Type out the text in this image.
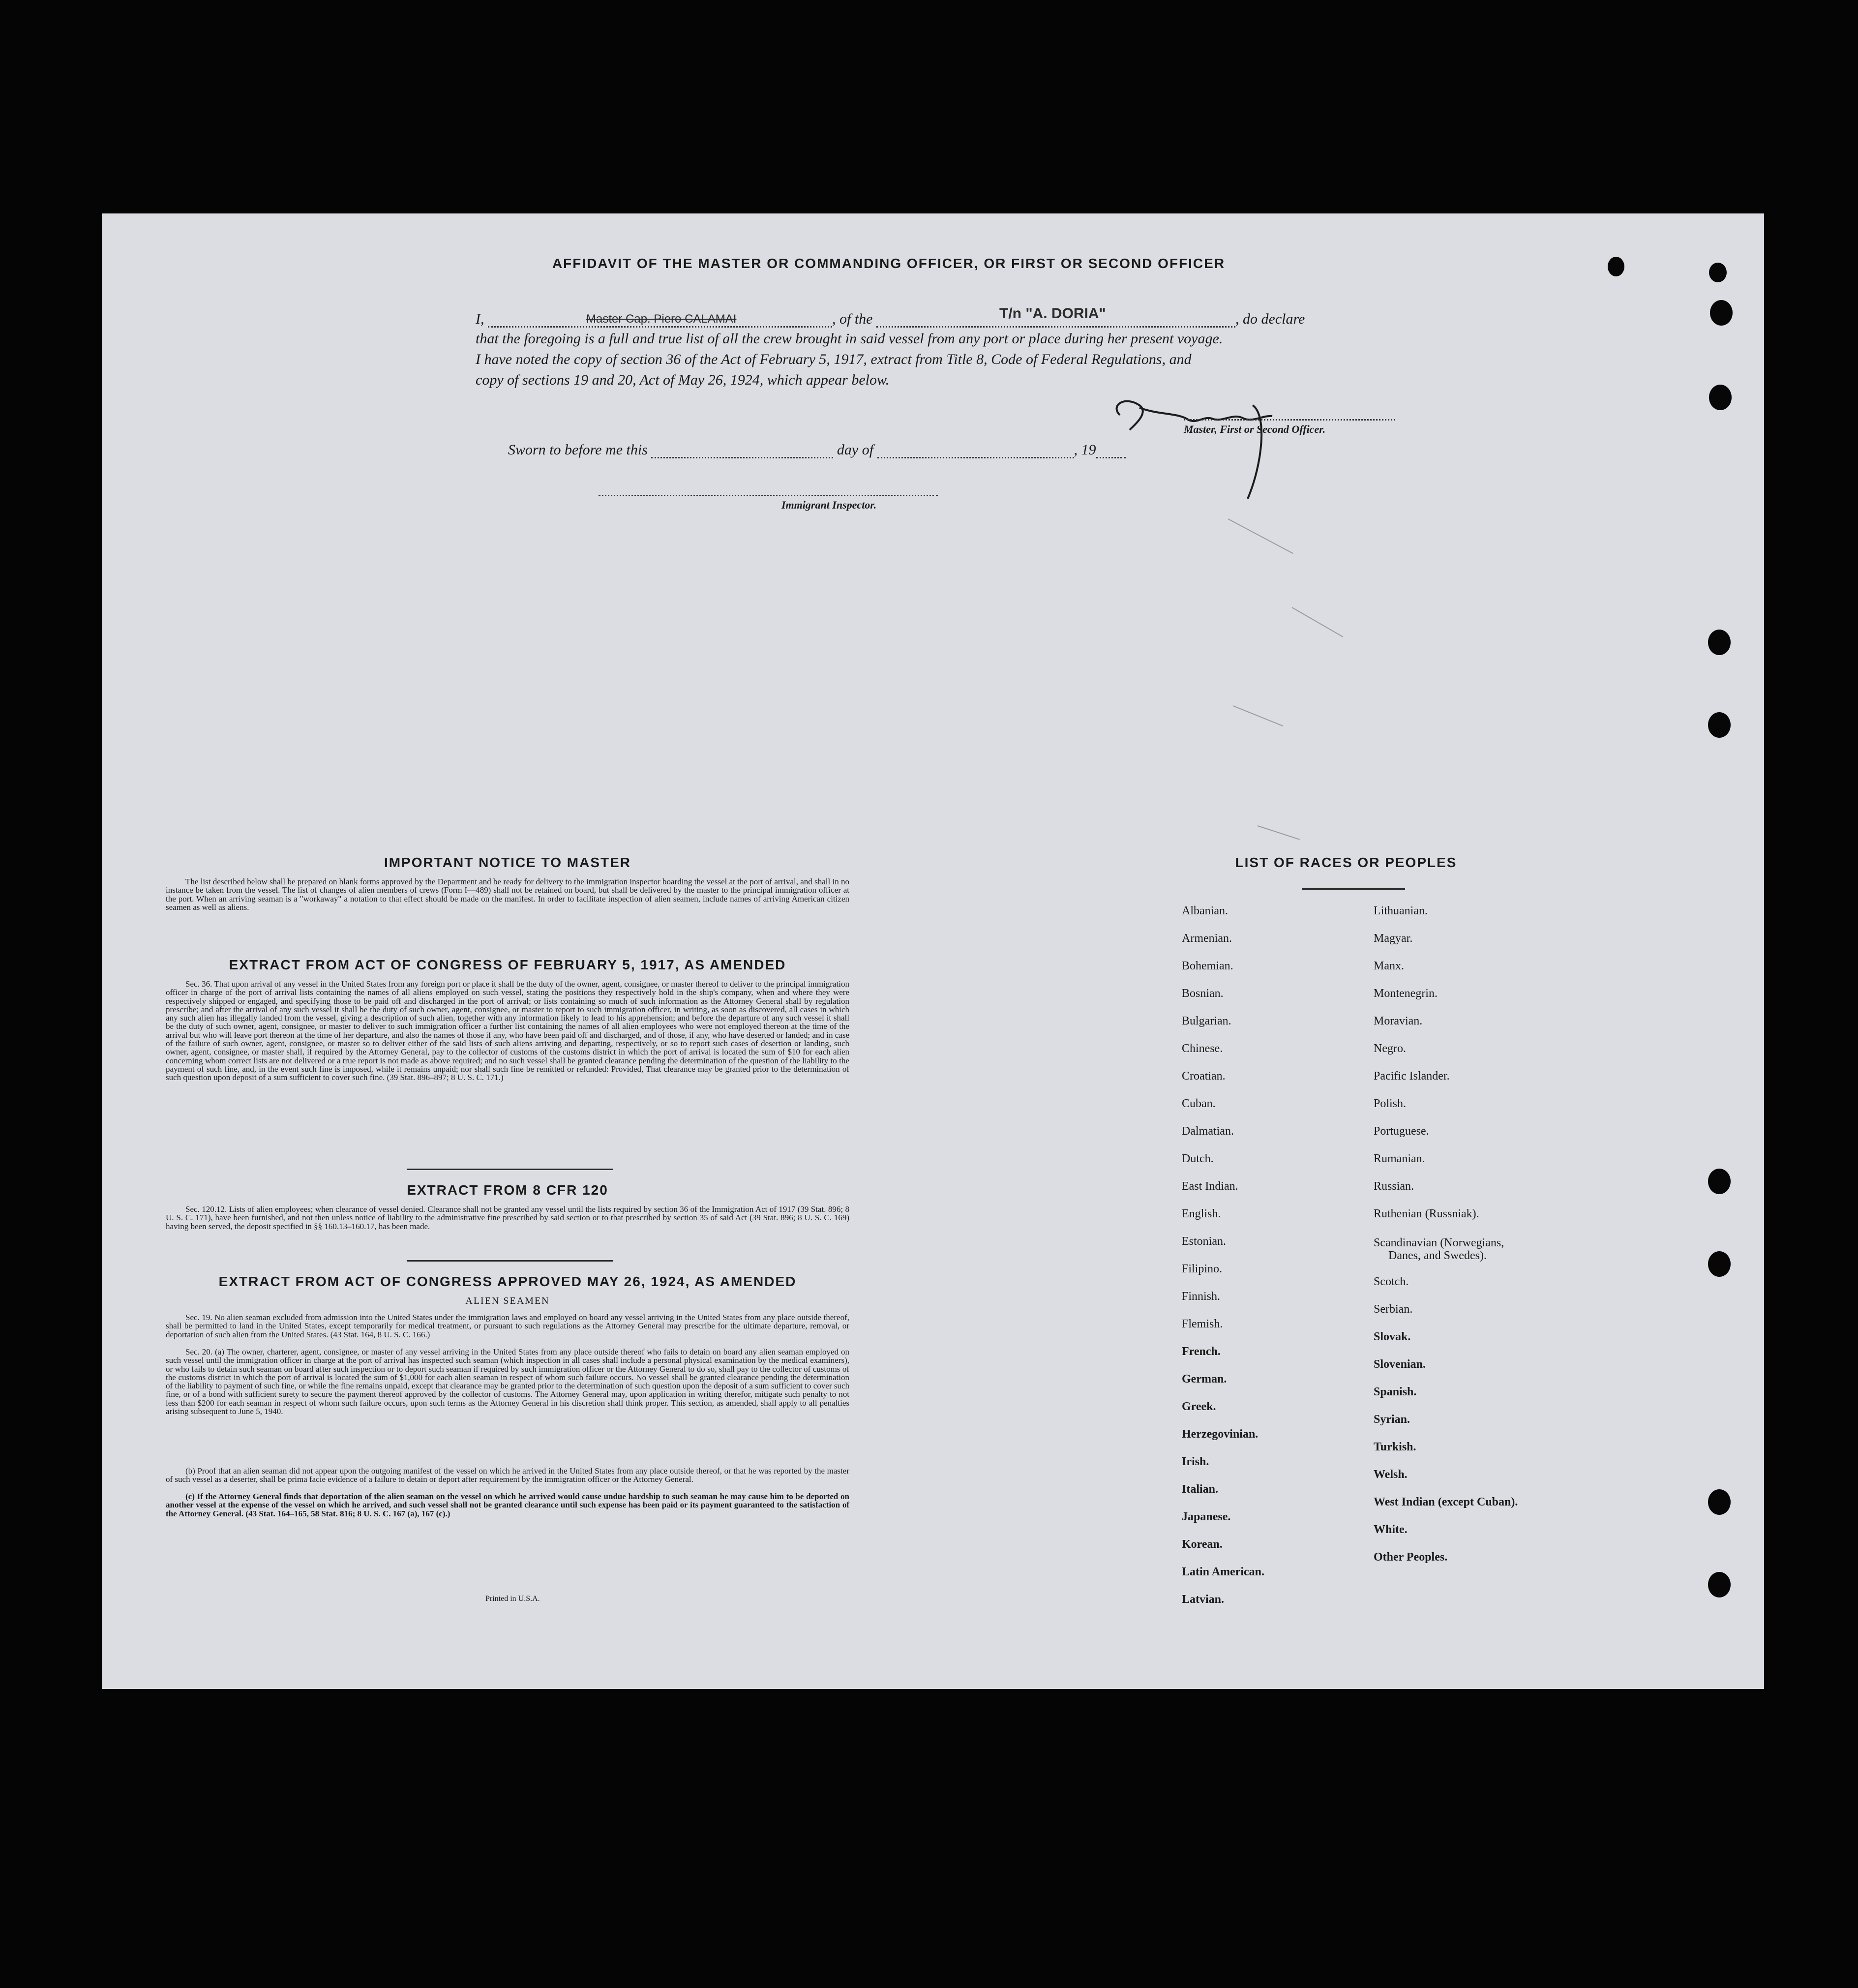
AFFIDAVIT OF THE MASTER OR COMMANDING OFFICER, OR FIRST OR SECOND OFFICER
I,	Master Cap. Piero CALAMAI	, of the	T/n "A. DORIA"	, do declare
that the foregoing is a full and true list of all the crew brought in said vessel from any port or place during her present voyage.
I have noted the copy of section 36 of the Act of February 5, 1917, extract from Title 8, Code of Federal Regulations, and
copy of sections 19 and 20, Act of May 26, 1924, which appear below.
Master, First or Second Officer.
Sworn to before me this	day of	, 19
Immigrant Inspector.
IMPORTANT NOTICE TO MASTER
The list described below shall be prepared on blank forms approved by the Department and be ready for delivery to the immigration inspector boarding the vessel at the port of arrival, and shall in no instance be taken from the vessel. The list of changes of alien members of crews (Form I—489) shall not be retained on board, but shall be delivered by the master to the principal immigration officer at the port. When an arriving seaman is a "workaway" a notation to that effect should be made on the manifest. In order to facilitate inspection of alien seamen, include names of arriving American citizen seamen as well as aliens.
EXTRACT FROM ACT OF CONGRESS OF FEBRUARY 5, 1917, AS AMENDED
Sec. 36. That upon arrival of any vessel in the United States from any foreign port or place it shall be the duty of the owner, agent, consignee, or master thereof to deliver to the principal immigration officer in charge of the port of arrival lists containing the names of all aliens employed on such vessel, stating the positions they respectively hold in the ship's company, when and where they were respectively shipped or engaged, and specifying those to be paid off and discharged in the port of arrival; or lists containing so much of such information as the Attorney General shall by regulation prescribe; and after the arrival of any such vessel it shall be the duty of such owner, agent, consignee, or master to report to such immigration officer, in writing, as soon as discovered, all cases in which any such alien has illegally landed from the vessel, giving a description of such alien, together with any information likely to lead to his apprehension; and before the departure of any such vessel it shall be the duty of such owner, agent, consignee, or master to deliver to such immigration officer a further list containing the names of all alien employees who were not employed thereon at the time of the arrival but who will leave port thereon at the time of her departure, and also the names of those if any, who have been paid off and discharged, and of those, if any, who have deserted or landed; and in case of the failure of such owner, agent, consignee, or master so to deliver either of the said lists of such aliens arriving and departing, respectively, or so to report such cases of desertion or landing, such owner, agent, consignee, or master shall, if required by the Attorney General, pay to the collector of customs of the customs district in which the port of arrival is located the sum of $10 for each alien concerning whom correct lists are not delivered or a true report is not made as above required; and no such vessel shall be granted clearance pending the determination of the question of the liability to the payment of such fine, and, in the event such fine is imposed, while it remains unpaid; nor shall such fine be remitted or refunded: Provided, That clearance may be granted prior to the determination of such question upon deposit of a sum sufficient to cover such fine. (39 Stat. 896–897; 8 U. S. C. 171.)
EXTRACT FROM 8 CFR 120
Sec. 120.12. Lists of alien employees; when clearance of vessel denied. Clearance shall not be granted any vessel until the lists required by section 36 of the Immigration Act of 1917 (39 Stat. 896; 8 U. S. C. 171), have been furnished, and not then unless notice of liability to the administrative fine prescribed by said section or to that prescribed by section 35 of said Act (39 Stat. 896; 8 U. S. C. 169) having been served, the deposit specified in §§ 160.13–160.17, has been made.
EXTRACT FROM ACT OF CONGRESS APPROVED MAY 26, 1924, AS AMENDED
ALIEN SEAMEN
Sec. 19. No alien seaman excluded from admission into the United States under the immigration laws and employed on board any vessel arriving in the United States from any place outside thereof, shall be permitted to land in the United States, except temporarily for medical treatment, or pursuant to such regulations as the Attorney General may prescribe for the ultimate departure, removal, or deportation of such alien from the United States. (43 Stat. 164, 8 U. S. C. 166.)
Sec. 20. (a) The owner, charterer, agent, consignee, or master of any vessel arriving in the United States from any place outside thereof who fails to detain on board any alien seaman employed on such vessel until the immigration officer in charge at the port of arrival has inspected such seaman (which inspection in all cases shall include a personal physical examination by the medical examiners), or who fails to detain such seaman on board after such inspection or to deport such seaman if required by such immigration officer or the Attorney General to do so, shall pay to the collector of customs of the customs district in which the port of arrival is located the sum of $1,000 for each alien seaman in respect of whom such failure occurs. No vessel shall be granted clearance pending the determination of the liability to payment of such fine, or while the fine remains unpaid, except that clearance may be granted prior to the determination of such question upon the deposit of a sum sufficient to cover such fine, or of a bond with sufficient surety to secure the payment thereof approved by the collector of customs. The Attorney General may, upon application in writing therefor, mitigate such penalty to not less than $200 for each seaman in respect of whom such failure occurs, upon such terms as the Attorney General in his discretion shall think proper. This section, as amended, shall apply to all penalties arising subsequent to June 5, 1940.
(b) Proof that an alien seaman did not appear upon the outgoing manifest of the vessel on which he arrived in the United States from any place outside thereof, or that he was reported by the master of such vessel as a deserter, shall be prima facie evidence of a failure to detain or deport after requirement by the immigration officer or the Attorney General.
(c) If the Attorney General finds that deportation of the alien seaman on the vessel on which he arrived would cause undue hardship to such seaman he may cause him to be deported on another vessel at the expense of the vessel on which he arrived, and such vessel shall not be granted clearance until such expense has been paid or its payment guaranteed to the satisfaction of the Attorney General. (43 Stat. 164–165, 58 Stat. 816; 8 U. S. C. 167 (a), 167 (c).)
Printed in U.S.A.
LIST OF RACES OR PEOPLES
Albanian.
Armenian.
Bohemian.
Bosnian.
Bulgarian.
Chinese.
Croatian.
Cuban.
Dalmatian.
Dutch.
East Indian.
English.
Estonian.
Filipino.
Finnish.
Flemish.
French.
German.
Greek.
Herzegovinian.
Irish.
Italian.
Japanese.
Korean.
Latin American.
Latvian.
Lithuanian.
Magyar.
Manx.
Montenegrin.
Moravian.
Negro.
Pacific Islander.
Polish.
Portuguese.
Rumanian.
Russian.
Ruthenian (Russniak).
Scandinavian (Norwegians,
Danes, and Swedes).
Scotch.
Serbian.
Slovak.
Slovenian.
Spanish.
Syrian.
Turkish.
Welsh.
West Indian (except Cuban).
White.
Other Peoples.
